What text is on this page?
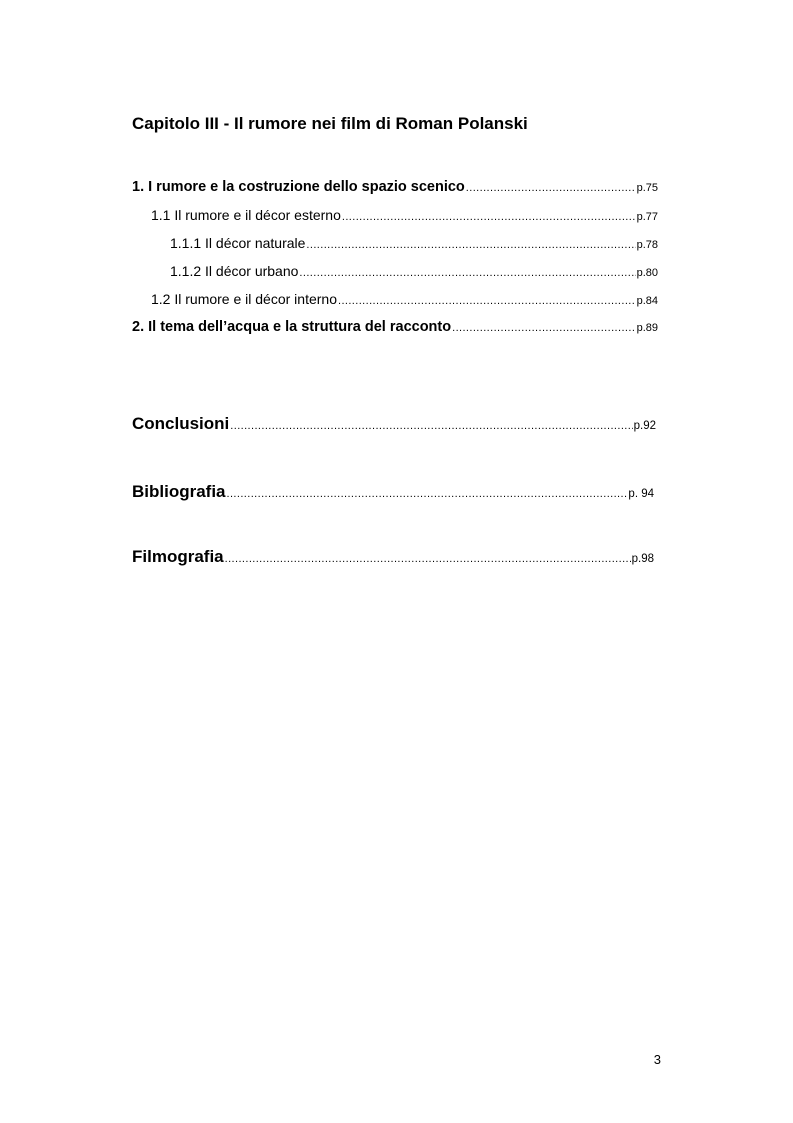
Capitolo III - Il rumore nei film di Roman Polanski
1. I rumore e la costruzione dello spazio scenico .....	p.75
1.1 Il rumore e il décor esterno .....	p.77
1.1.1 Il décor naturale .....	p.78
1.1.2 Il décor urbano .....	p.80
1.2 Il rumore e il décor interno .....	p.84
2. Il tema dell’acqua e la struttura del racconto .....	p.89
Conclusioni .....	p.92
Bibliografia .....	p. 94
Filmografia .....	p.98
3
